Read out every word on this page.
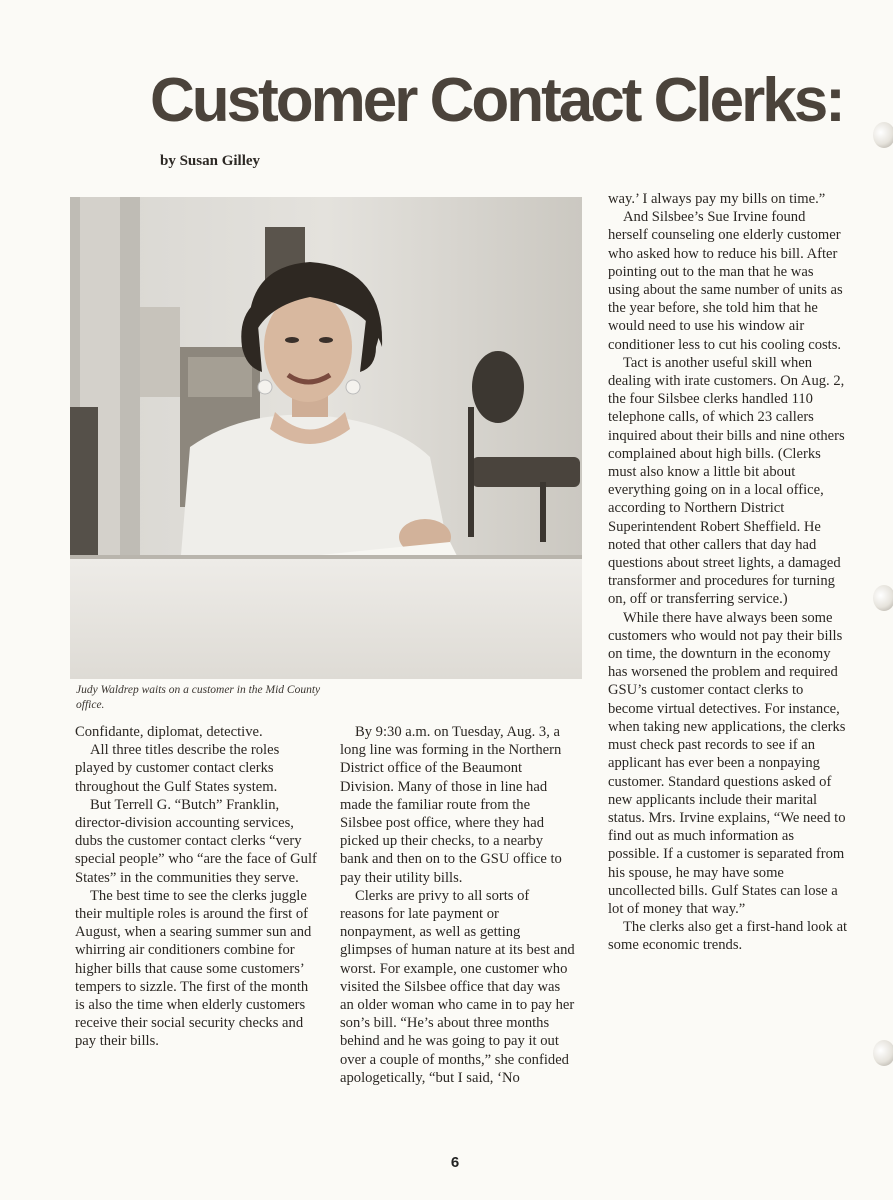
Customer Contact Clerks:
by Susan Gilley
Judy Waldrep waits on a customer in the Mid County office.

Confidante, diplomat, detective.

All three titles describe the roles played by customer contact clerks throughout the Gulf States system.

But Terrell G. “Butch” Franklin, director-division accounting services, dubs the customer contact clerks “very special people” who “are the face of Gulf States” in the communities they serve.

The best time to see the clerks juggle their multiple roles is around the first of August, when a searing summer sun and whirring air conditioners combine for higher bills that cause some customers’ tempers to sizzle. The first of the month is also the time when elderly customers receive their social security checks and pay their bills.

By 9:30 a.m. on Tuesday, Aug. 3, a long line was forming in the Northern District office of the Beaumont Division. Many of those in line had made the familiar route from the Silsbee post office, where they had picked up their checks, to a nearby bank and then on to the GSU office to pay their utility bills.

Clerks are privy to all sorts of reasons for late payment or nonpayment, as well as getting glimpses of human nature at its best and worst. For example, one customer who visited the Silsbee office that day was an older woman who came in to pay her son’s bill. “He’s about three months behind and he was going to pay it out over a couple of months,” she confided apologetically, “but I said, ‘No

way.’ I always pay my bills on time.”

And Silsbee’s Sue Irvine found herself counseling one elderly customer who asked how to reduce his bill. After pointing out to the man that he was using about the same number of units as the year before, she told him that he would need to use his window air conditioner less to cut his cooling costs.

Tact is another useful skill when dealing with irate customers. On Aug. 2, the four Silsbee clerks handled 110 telephone calls, of which 23 callers inquired about their bills and nine others complained about high bills. (Clerks must also know a little bit about everything going on in a local office, according to Northern District Superintendent Robert Sheffield. He noted that other callers that day had questions about street lights, a damaged transformer and procedures for turning on, off or transferring service.)

While there have always been some customers who would not pay their bills on time, the downturn in the economy has worsened the problem and required GSU’s customer contact clerks to become virtual detectives. For instance, when taking new applications, the clerks must check past records to see if an applicant has ever been a nonpaying customer. Standard questions asked of new applicants include their marital status. Mrs. Irvine explains, “We need to find out as much information as possible. If a customer is separated from his spouse, he may have some uncollected bills. Gulf States can lose a lot of money that way.”

The clerks also get a first-hand look at some economic trends.

6
